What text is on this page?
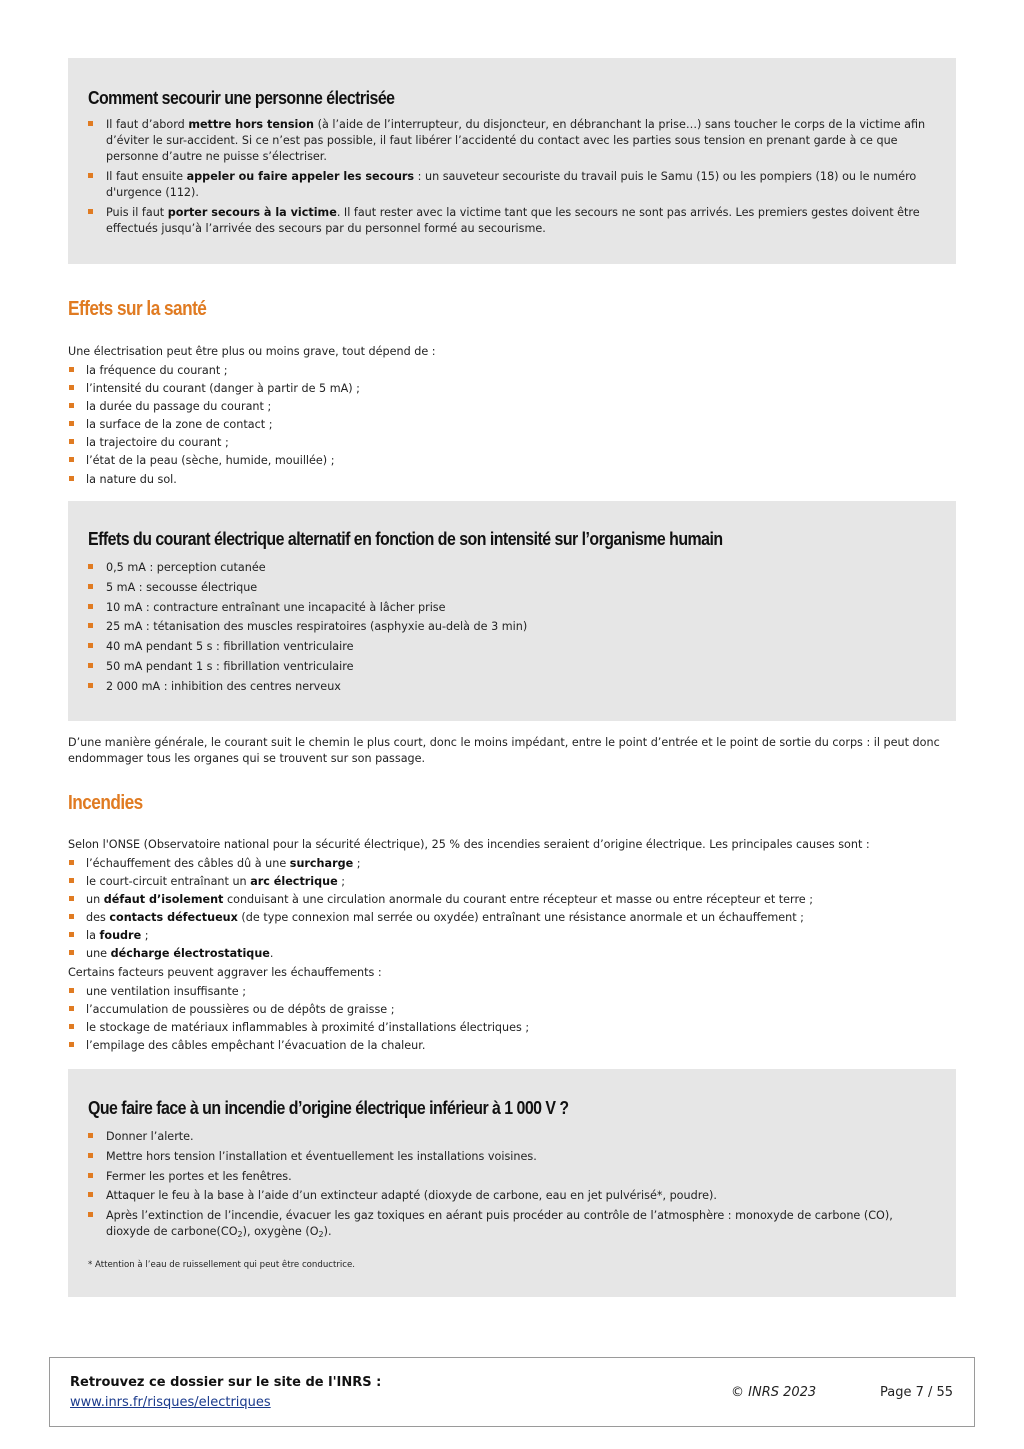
Comment secourir une personne électrisée
Il faut d’abord mettre hors tension (à l’aide de l’interrupteur, du disjoncteur, en débranchant la prise…) sans toucher le corps de la victime afin d’éviter le sur-accident. Si ce n’est pas possible, il faut libérer l’accidenté du contact avec les parties sous tension en prenant garde à ce que personne d’autre ne puisse s’électriser.
Il faut ensuite appeler ou faire appeler les secours : un sauveteur secouriste du travail puis le Samu (15) ou les pompiers (18) ou le numéro d'urgence (112).
Puis il faut porter secours à la victime. Il faut rester avec la victime tant que les secours ne sont pas arrivés. Les premiers gestes doivent être effectués jusqu’à l’arrivée des secours par du personnel formé au secourisme.
Effets sur la santé

Une électrisation peut être plus ou moins grave, tout dépend de :

la fréquence du courant ;
l’intensité du courant (danger à partir de 5 mA) ;
la durée du passage du courant ;
la surface de la zone de contact ;
la trajectoire du courant ;
l’état de la peau (sèche, humide, mouillée) ;
la nature du sol.
Effets du courant électrique alternatif en fonction de son intensité sur l’organisme humain
0,5 mA : perception cutanée
5 mA : secousse électrique
10 mA : contracture entraînant une incapacité à lâcher prise
25 mA : tétanisation des muscles respiratoires (asphyxie au-delà de 3 min)
40 mA pendant 5 s : fibrillation ventriculaire
50 mA pendant 1 s : fibrillation ventriculaire
2 000 mA : inhibition des centres nerveux

D’une manière générale, le courant suit le chemin le plus court, donc le moins impédant, entre le point d’entrée et le point de sortie du corps : il peut donc endommager tous les organes qui se trouvent sur son passage.

Incendies

Selon l'ONSE (Observatoire national pour la sécurité électrique), 25 % des incendies seraient d’origine électrique. Les principales causes sont :

l’échauffement des câbles dû à une surcharge ;
le court-circuit entraînant un arc électrique ;
un défaut d’isolement conduisant à une circulation anormale du courant entre récepteur et masse ou entre récepteur et terre ;
des contacts défectueux (de type connexion mal serrée ou oxydée) entraînant une résistance anormale et un échauffement ;
la foudre ;
une décharge électrostatique.

Certains facteurs peuvent aggraver les échauffements :

une ventilation insuffisante ;
l’accumulation de poussières ou de dépôts de graisse ;
le stockage de matériaux inflammables à proximité d’installations électriques ;
l’empilage des câbles empêchant l’évacuation de la chaleur.
Que faire face à un incendie d’origine électrique inférieur à 1 000 V ?
Donner l’alerte.
Mettre hors tension l’installation et éventuellement les installations voisines.
Fermer les portes et les fenêtres.
Attaquer le feu à la base à l’aide d’un extincteur adapté (dioxyde de carbone, eau en jet pulvérisé*, poudre).
Après l’extinction de l’incendie, évacuer les gaz toxiques en aérant puis procéder au contrôle de l’atmosphère : monoxyde de carbone (CO), dioxyde de $carbone(CO_2)$, oxygène $(O_2)$.

* Attention à l’eau de ruissellement qui peut être conductrice.

Retrouvez ce dossier sur le site de l'INRS :
www.inrs.fr/risques/electriques
© INRS 2023	Page 7 / 55
